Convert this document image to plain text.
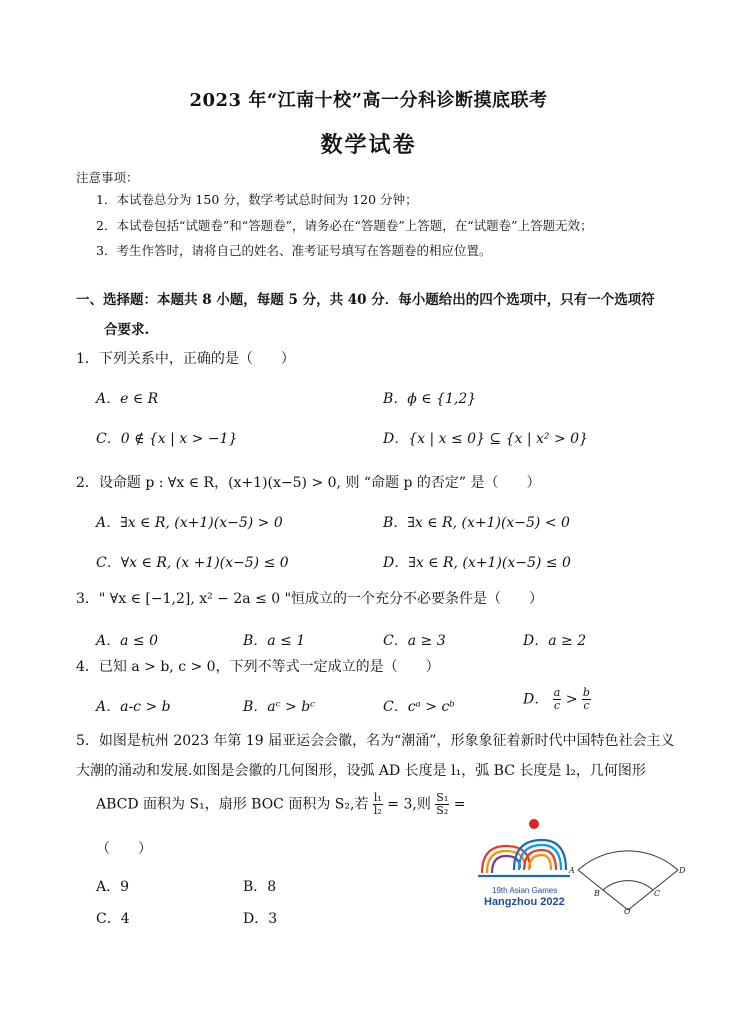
2023 年“江南十校”高一分科诊断摸底联考
数学试卷
注意事项：
1．本试卷总分为 150 分，数学考试总时间为 120 分钟；
2．本试卷包括“试题卷”和“答题卷”，请务必在“答题卷”上答题，在“试题卷”上答题无效；
3．考生作答时，请将自己的姓名、准考证号填写在答题卷的相应位置。
一、选择题：本题共 8 小题，每题 5 分，共 40 分．每小题给出的四个选项中，只有一个选项符
合要求.
1．下列关系中，正确的是（　　）
A．e ∈ R	B．ϕ ∈ {1,2}
C．0 ∉ {x | x > −1}	D．{x | x ≤ 0} ⊆ {x | x² > 0}
2．设命题 p : ∀x ∈ R，(x+1)(x−5) > 0, 则 “命题 p 的否定” 是（　　）
A．∃x ∈ R, (x+1)(x−5) > 0	B．∃x ∈ R, (x+1)(x−5) < 0
C．∀x ∈ R, (x +1)(x−5) ≤ 0	D．∃x ∈ R, (x+1)(x−5) ≤ 0
3．" ∀x ∈ [−1,2], x² − 2a ≤ 0 "恒成立的一个充分不必要条件是（　　）
A．a ≤ 0	B．a ≤ 1	C．a ≥ 3	D．a ≥ 2
4．已知 a > b, c > 0，下列不等式一定成立的是（　　）
A．a-c > b	B．aᶜ > bᶜ	C．cᵃ > cᵇ	D． $\frac{a}{c} > \frac{b}{c}$
5．如图是杭州 2023 年第 19 届亚运会会徽，名为“潮涌”，形象象征着新时代中国特色社会主义
大潮的涌动和发展.如图是会徽的几何图形，设弧 AD 长度是 l₁，弧 BC 长度是 l₂，几何图形
ABCD 面积为 S₁，扇形 BOC 面积为 S₂,若 $\frac{\text{l₁}}{\text{l₂}} = 3$,则 $\frac{\text{S₁}}{\text{S₂}}$ =
（　　）
A．9	B．8
C．4	D．3
19th Asian Games
Hangzhou 2022
A
B	C
D
O
